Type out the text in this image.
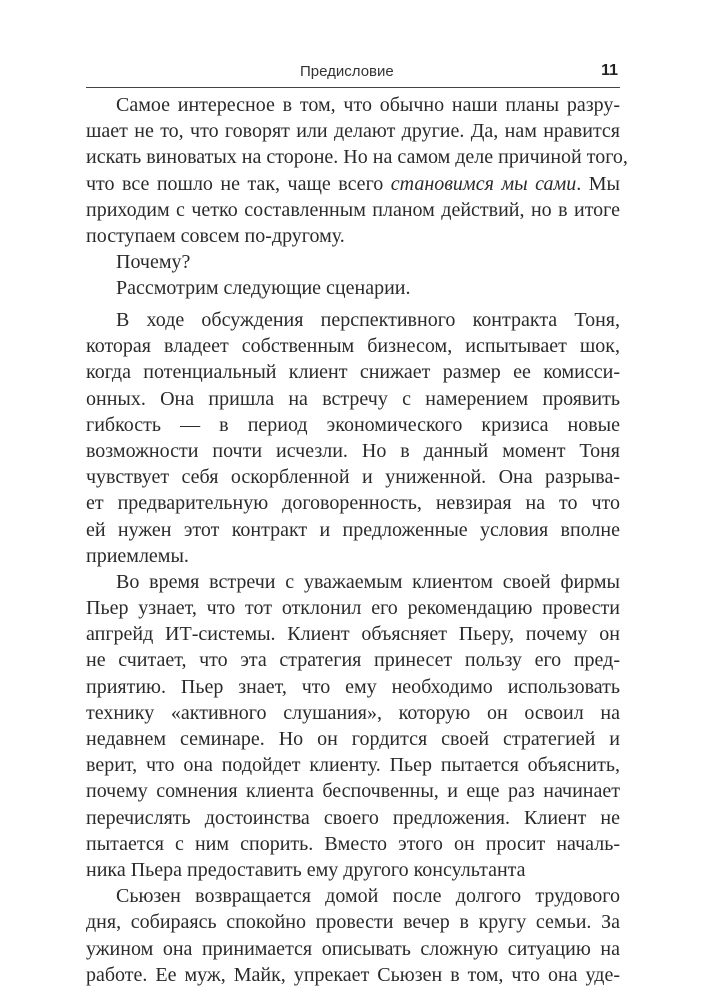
Предисловие	11
Самое интересное в том, что обычно наши планы разру-
шает не то, что говорят или делают другие. Да, нам нравится
искать виноватых на стороне. Но на самом деле причиной того,
что все пошло не так, чаще всего становимся мы сами. Мы
приходим с четко составленным планом действий, но в итоге
поступаем совсем по-другому.
Почему?
Рассмотрим следующие сценарии.
В ходе обсуждения перспективного контракта Тоня,
которая владеет собственным бизнесом, испытывает шок,
когда потенциальный клиент снижает размер ее комисси-
онных. Она пришла на встречу с намерением проявить
гибкость — в период экономического кризиса новые
возможности почти исчезли. Но в данный момент Тоня
чувствует себя оскорбленной и униженной. Она разрыва-
ет предварительную договоренность, невзирая на то что
ей нужен этот контракт и предложенные условия вполне
приемлемы.
Во время встречи с уважаемым клиентом своей фирмы
Пьер узнает, что тот отклонил его рекомендацию провести
апгрейд ИТ-системы. Клиент объясняет Пьеру, почему он
не считает, что эта стратегия принесет пользу его пред-
приятию. Пьер знает, что ему необходимо использовать
технику «активного слушания», которую он освоил на
недавнем семинаре. Но он гордится своей стратегией и
верит, что она подойдет клиенту. Пьер пытается объяснить,
почему сомнения клиента беспочвенны, и еще раз начинает
перечислять достоинства своего предложения. Клиент не
пытается с ним спорить. Вместо этого он просит началь-
ника Пьера предоставить ему другого консультанта
Сьюзен возвращается домой после долгого трудового
дня, собираясь спокойно провести вечер в кругу семьи. За
ужином она принимается описывать сложную ситуацию на
работе. Ее муж, Майк, упрекает Сьюзен в том, что она уде-
